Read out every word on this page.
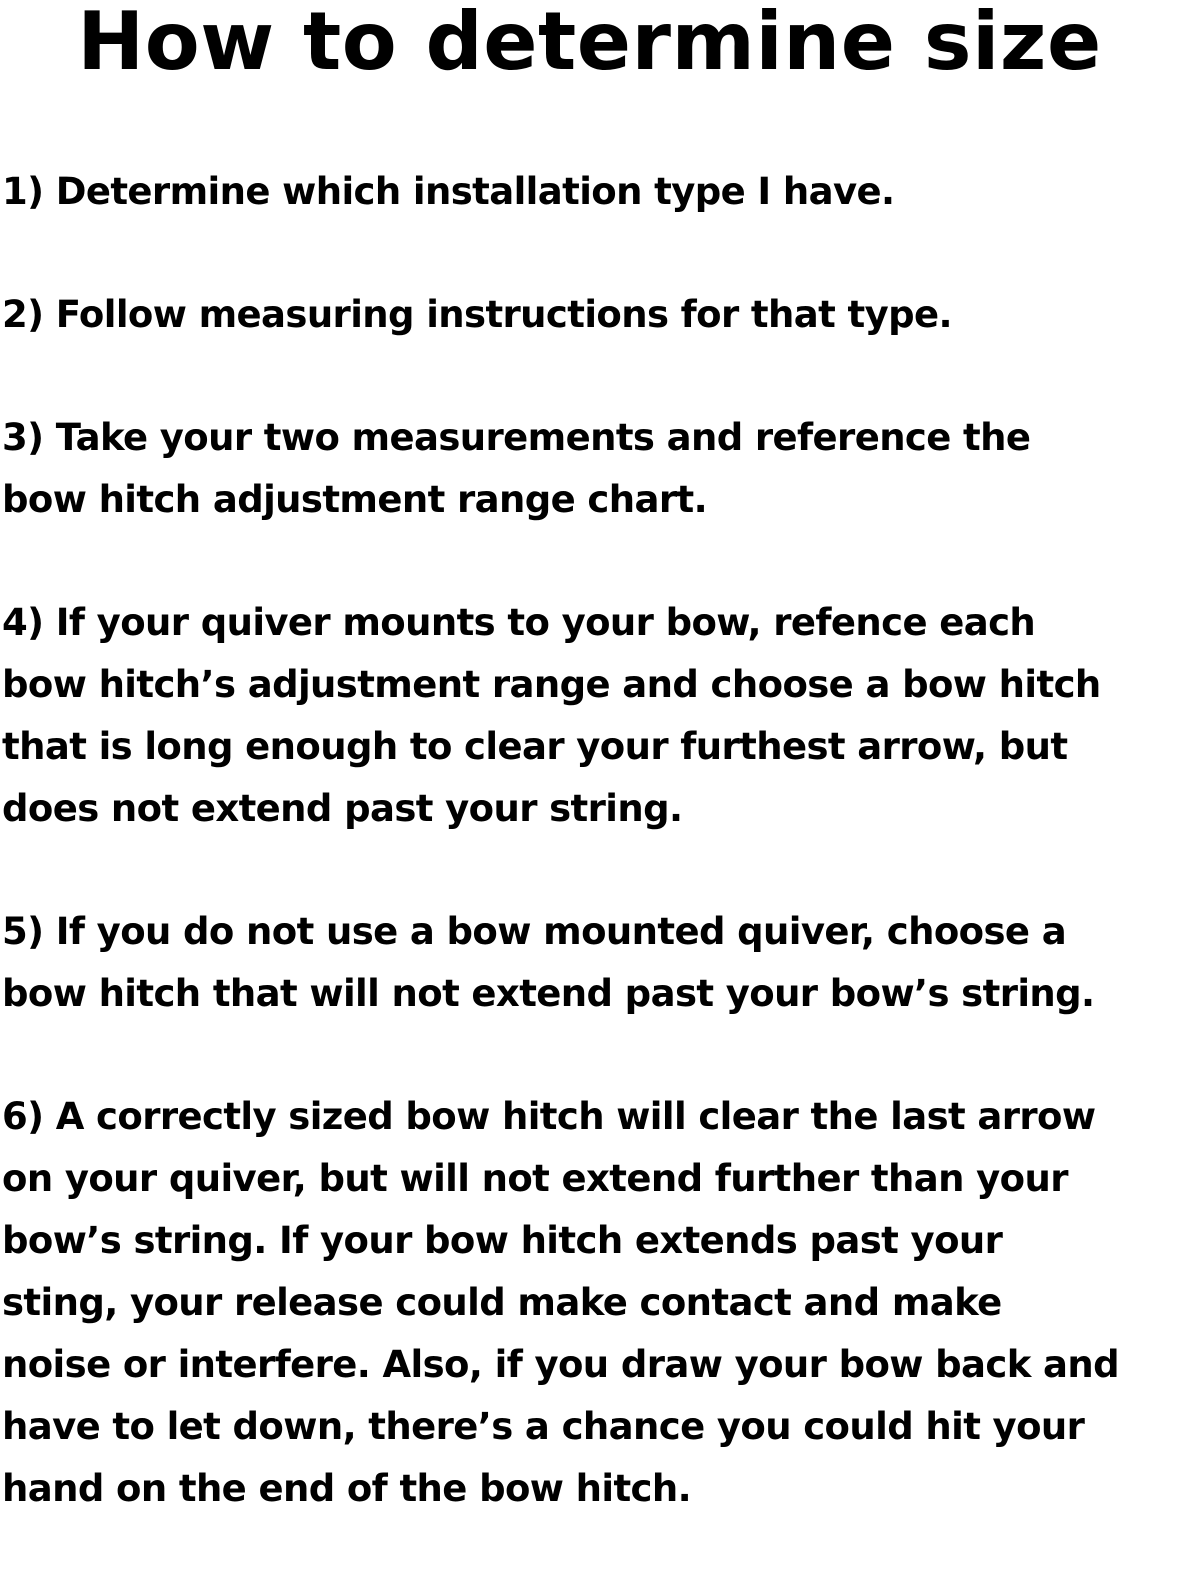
How to determine size
1) Determine which installation type I have.
2) Follow measuring instructions for that type.
3) Take your two measurements and reference the
bow hitch adjustment range chart.
4) If your quiver mounts to your bow, refence each
bow hitch’s adjustment range and choose a bow hitch
that is long enough to clear your furthest arrow, but
does not extend past your string.
5) If you do not use a bow mounted quiver, choose a
bow hitch that will not extend past your bow’s string.
6) A correctly sized bow hitch will clear the last arrow
on your quiver, but will not extend further than your
bow’s string. If your bow hitch extends past your
sting, your release could make contact and make
noise or interfere. Also, if you draw your bow back and
have to let down, there’s a chance you could hit your
hand on the end of the bow hitch.
